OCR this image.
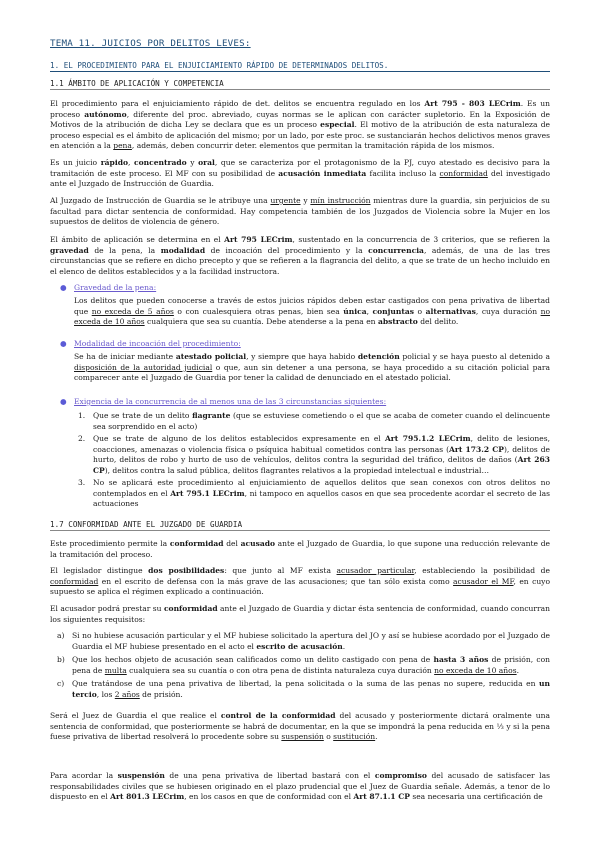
TEMA 11. JUICIOS POR DELITOS LEVES:
1. EL PROCEDIMIENTO PARA EL ENJUICIAMIENTO RÁPIDO DE DETERMINADOS DELITOS.
1.1 ÁMBITO DE APLICACIÓN Y COMPETENCIA

El procedimiento para el enjuiciamiento rápido de det. delitos se encuentra regulado en los Art 795 - 803 LECrim. Es un proceso autónomo, diferente del proc. abreviado, cuyas normas se le aplican con carácter supletorio. En la Exposición de Motivos de la atribución de dicha Ley se declara que es un proceso especial. El motivo de la atribución de esta naturaleza de proceso especial es el ámbito de aplicación del mismo; por un lado, por este proc. se sustanciarán hechos delictivos menos graves en atención a la pena, además, deben concurrir deter. elementos que permitan la tramitación rápida de los mismos.

Es un juicio rápido, concentrado y oral, que se caracteriza por el protagonismo de la PJ, cuyo atestado es decisivo para la tramitación de este proceso. El MF con su posibilidad de acusación inmediata facilita incluso la conformidad del investigado ante el Juzgado de Instrucción de Guardia.

Al Juzgado de Instrucción de Guardia se le atribuye una urgente y mín instrucción mientras dure la guardia, sin perjuicios de su facultad para dictar sentencia de conformidad. Hay competencia también de los Juzgados de Violencia sobre la Mujer en los supuestos de delitos de violencia de género.

El ámbito de aplicación se determina en el Art 795 LECrim, sustentado en la concurrencia de 3 criterios, que se refieren la gravedad de la pena, la modalidad de incoación del procedimiento y la concurrencia, además, de una de las tres circunstancias que se refiere en dicho precepto y que se refieren a la flagrancia del delito, a que se trate de un hecho incluido en el elenco de delitos establecidos y a la facilidad instructora.

● Gravedad de la pena:

Los delitos que pueden conocerse a través de estos juicios rápidos deben estar castigados con pena privativa de libertad que no exceda de 5 años o con cualesquiera otras penas, bien sea única, conjuntas o alternativas, cuya duración no exceda de 10 años cualquiera que sea su cuantía. Debe atenderse a la pena en abstracto del delito.

● Modalidad de incoación del procedimiento:

Se ha de iniciar mediante atestado policial, y siempre que haya habido detención policial y se haya puesto al detenido a disposición de la autoridad judicial o que, aun sin detener a una persona, se haya procedido a su citación policial para comparecer ante el Juzgado de Guardia por tener la calidad de denunciado en el atestado policial.

● Exigencia de la concurrencia de al menos una de las 3 circunstancias siguientes:
1. Que se trate de un delito flagrante (que se estuviese cometiendo o el que se acaba de cometer cuando el delincuente sea sorprendido en el acto)

2. Que se trate de alguno de los delitos establecidos expresamente en el Art 795.1.2 LECrim, delito de lesiones, coacciones, amenazas o violencia física o psíquica habitual cometidos contra las personas (Art 173.2 CP), delitos de hurto, delitos de robo y hurto de uso de vehículos, delitos contra la seguridad del tráfico, delitos de daños (Art 263 CP), delitos contra la salud pública, delitos flagrantes relativos a la propiedad intelectual e industrial…

3. No se aplicará este procedimiento al enjuiciamiento de aquellos delitos que sean conexos con otros delitos no contemplados en el Art 795.1 LECrim, ni tampoco en aquellos casos en que sea procedente acordar el secreto de las actuaciones

1.7 CONFORMIDAD ANTE EL JUZGADO DE GUARDIA

Este procedimiento permite la conformidad del acusado ante el Juzgado de Guardia, lo que supone una reducción relevante de la tramitación del proceso.

El legislador distingue dos posibilidades: que junto al MF exista acusador particular, estableciendo la posibilidad de conformidad en el escrito de defensa con la más grave de las acusaciones; que tan sólo exista como acusador el MF, en cuyo supuesto se aplica el régimen explicado a continuación.

El acusador podrá prestar su conformidad ante el Juzgado de Guardia y dictar ésta sentencia de conformidad, cuando concurran los siguientes requisitos:

a) Si no hubiese acusación particular y el MF hubiese solicitado la apertura del JO y así se hubiese acordado por el Juzgado de Guardia el MF hubiese presentado en el acto el escrito de acusación.

b) Que los hechos objeto de acusación sean calificados como un delito castigado con pena de hasta 3 años de prisión, con pena de multa cualquiera sea su cuantía o con otra pena de distinta naturaleza cuya duración no exceda de 10 años.

c) Que tratándose de una pena privativa de libertad, la pena solicitada o la suma de las penas no supere, reducida en un tercio, los 2 años de prisión.

Será el Juez de Guardia el que realice el control de la conformidad del acusado y posteriormente dictará oralmente una sentencia de conformidad, que posteriormente se habrá de documentar, en la que se impondrá la pena reducida en ⅓ y si la pena fuese privativa de libertad resolverá lo procedente sobre su suspensión o sustitución.

Para acordar la suspensión de una pena privativa de libertad bastará con el compromiso del acusado de satisfacer las responsabilidades civiles que se hubiesen originado en el plazo prudencial que el Juez de Guardia señale. Además, a tenor de lo dispuesto en el Art 801.3 LECrim, en los casos en que de conformidad con el Art 87.1.1 CP sea necesaria una certificación de
